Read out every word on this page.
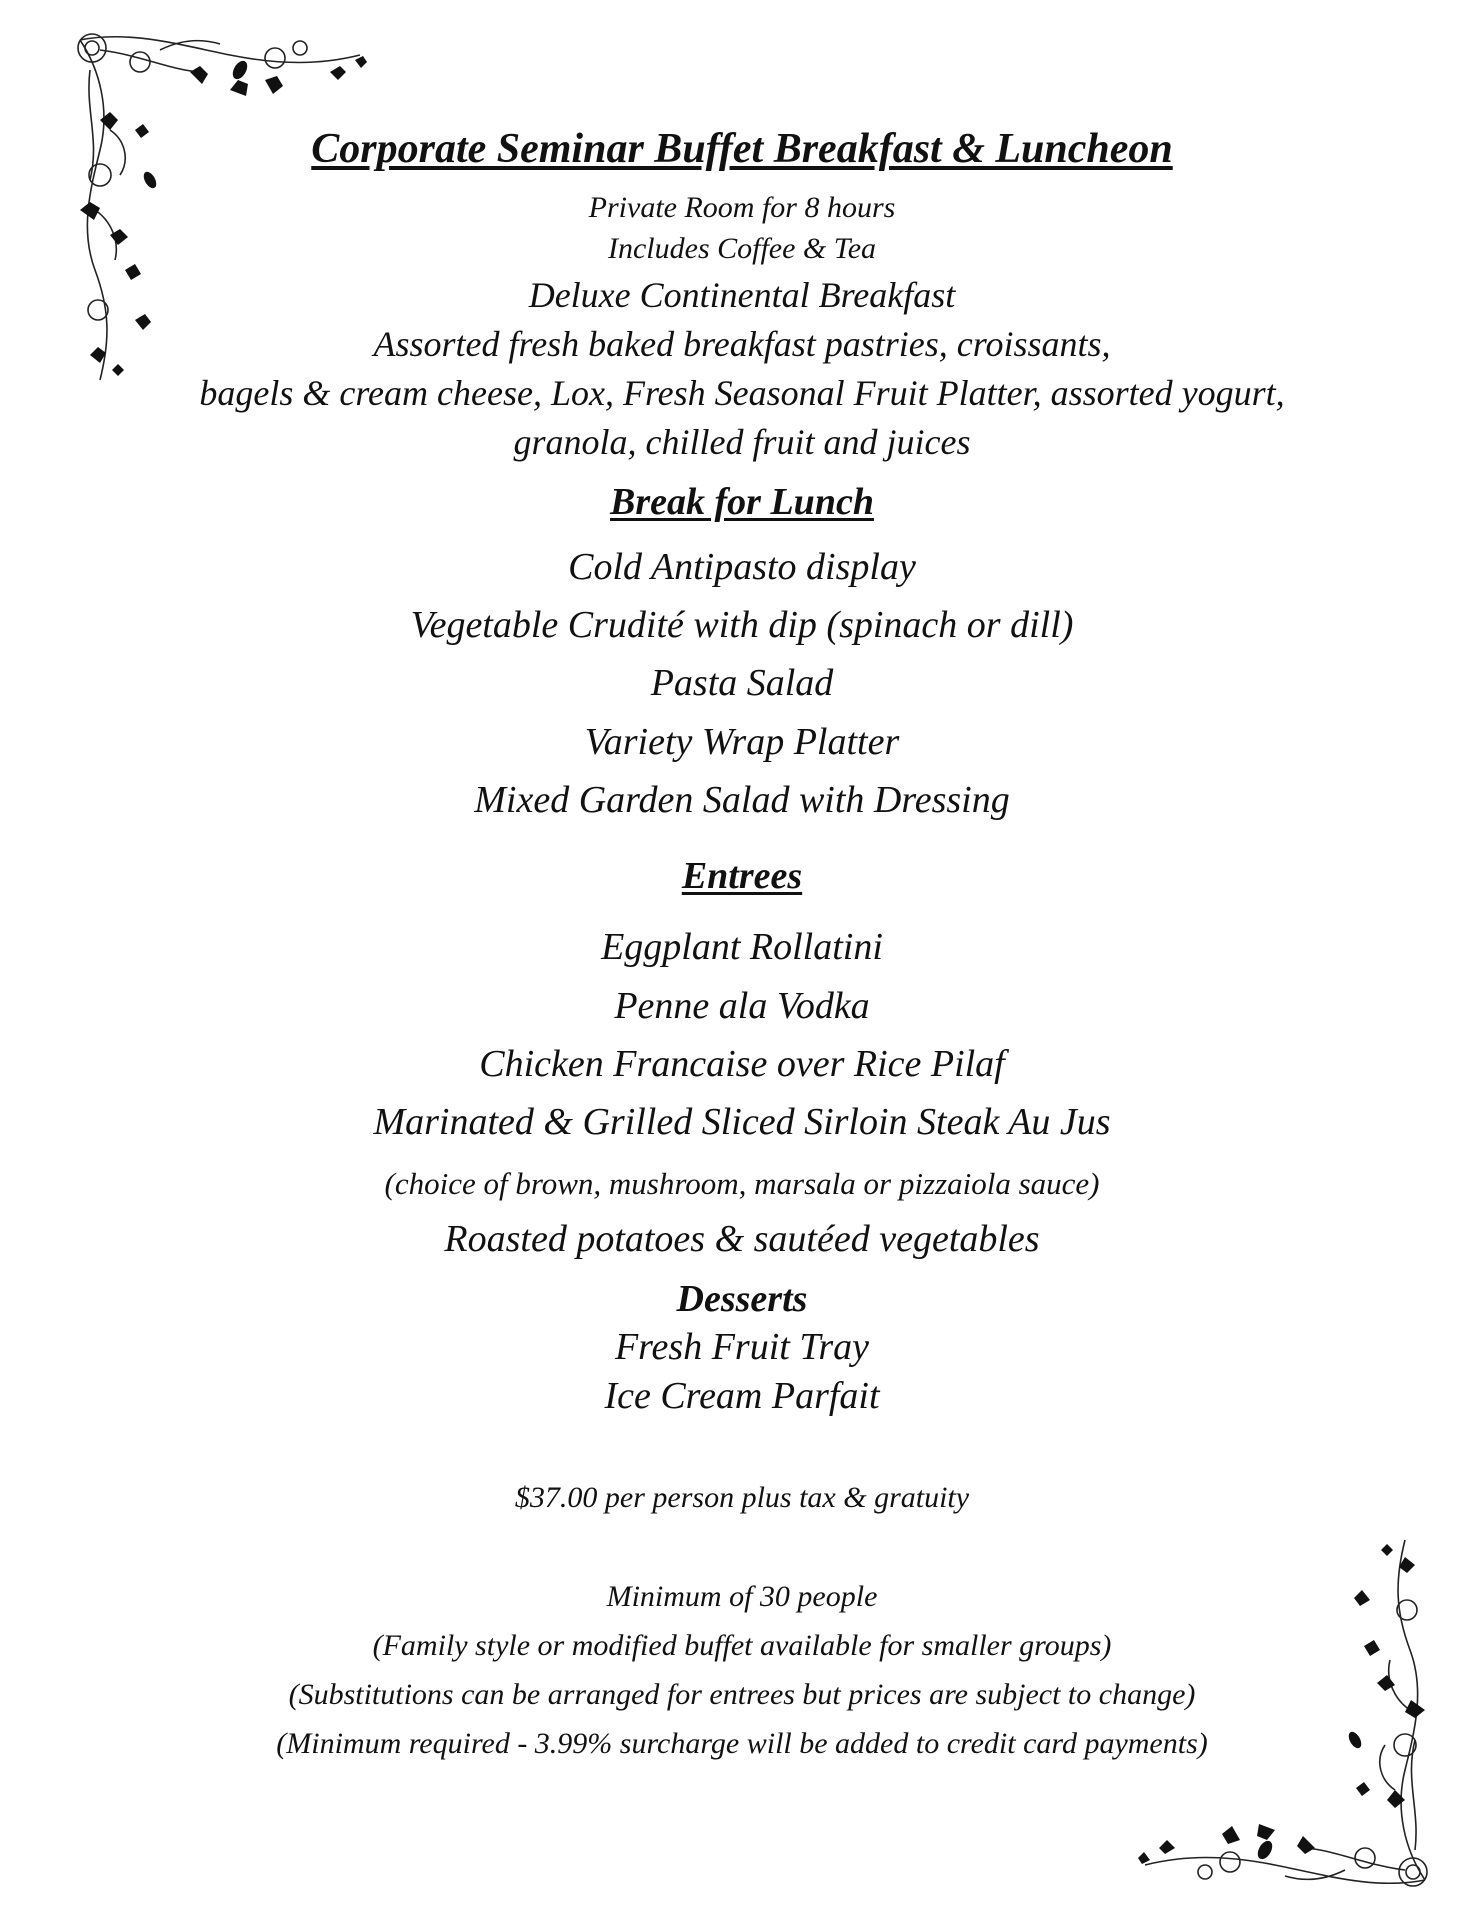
Corporate Seminar Buffet Breakfast & Luncheon
Private Room for 8 hours
Includes Coffee & Tea
Deluxe Continental Breakfast
Assorted fresh baked breakfast pastries, croissants,
bagels & cream cheese, Lox, Fresh Seasonal Fruit Platter, assorted yogurt,
granola, chilled fruit and juices
Break for Lunch
Cold Antipasto display
Vegetable Crudité with dip (spinach or dill)
Pasta Salad
Variety Wrap Platter
Mixed Garden Salad with Dressing
Entrees
Eggplant Rollatini
Penne ala Vodka
Chicken Francaise over Rice Pilaf
Marinated & Grilled Sliced Sirloin Steak Au Jus
(choice of brown, mushroom, marsala or pizzaiola sauce)
Roasted potatoes & sautéed vegetables
Desserts
Fresh Fruit Tray
Ice Cream Parfait
$37.00 per person plus tax & gratuity
Minimum of 30 people
(Family style or modified buffet available for smaller groups)
(Substitutions can be arranged for entrees but prices are subject to change)
(Minimum required - 3.99% surcharge will be added to credit card payments)
